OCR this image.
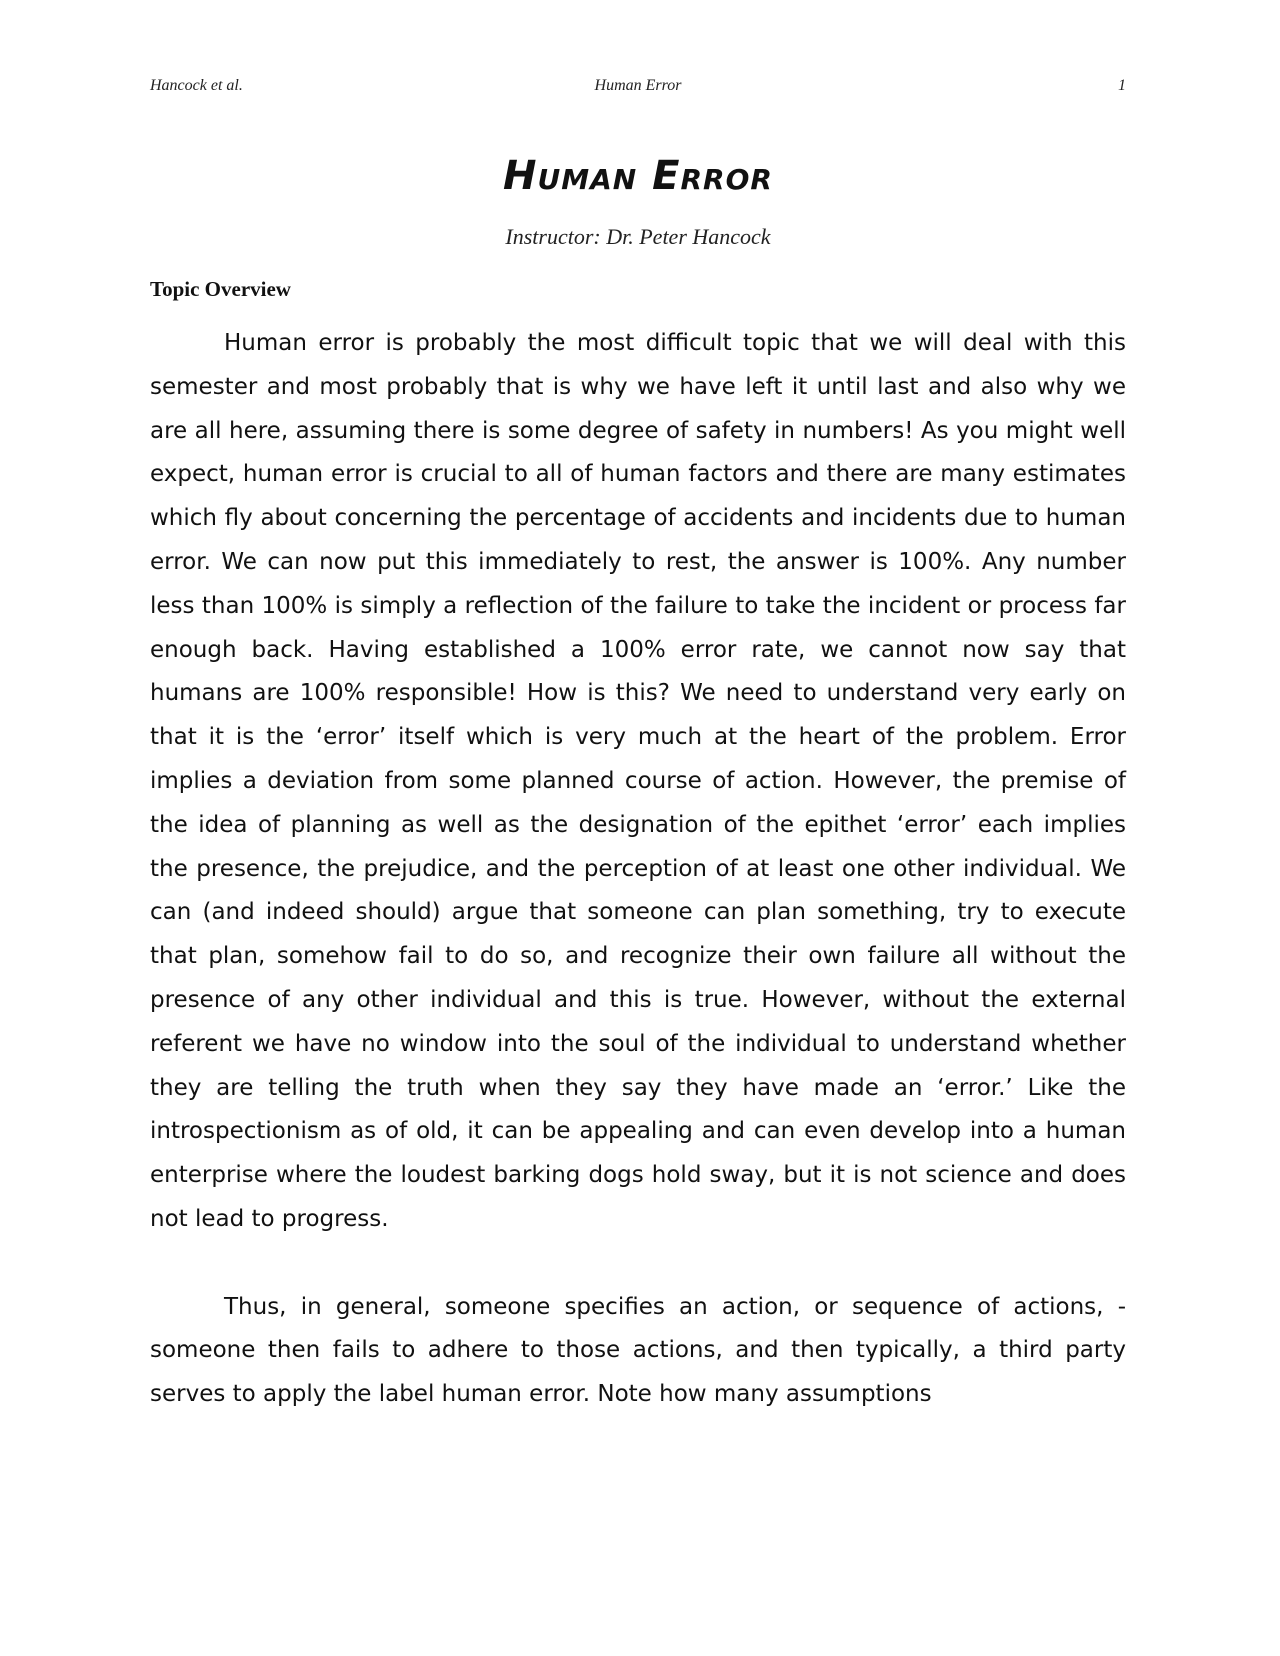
Hancock et al.	Human Error	1
Human Error
Instructor: Dr. Peter Hancock
Topic Overview

Human error is probably the most difficult topic that we will deal with this semester and most probably that is why we have left it until last and also why we are all here, assuming there is some degree of safety in numbers! As you might well expect, human error is crucial to all of human factors and there are many estimates which fly about concerning the percentage of accidents and incidents due to human error. We can now put this immediately to rest, the answer is 100%. Any number less than 100% is simply a reflection of the failure to take the incident or process far enough back. Having established a 100% error rate, we cannot now say that humans are 100% responsible! How is this? We need to understand very early on that it is the ‘error’ itself which is very much at the heart of the problem. Error implies a deviation from some planned course of action. However, the premise of the idea of planning as well as the designation of the epithet ‘error’ each implies the presence, the prejudice, and the perception of at least one other individual. We can (and indeed should) argue that someone can plan something, try to execute that plan, somehow fail to do so, and recognize their own failure all without the presence of any other individual and this is true. However, without the external referent we have no window into the soul of the individual to understand whether they are telling the truth when they say they have made an ‘error.’ Like the introspectionism as of old, it can be appealing and can even develop into a human enterprise where the loudest barking dogs hold sway, but it is not science and does not lead to progress.

Thus, in general, someone specifies an action, or sequence of actions, -someone then fails to adhere to those actions, and then typically, a third party serves to apply the label human error. Note how many assumptions
